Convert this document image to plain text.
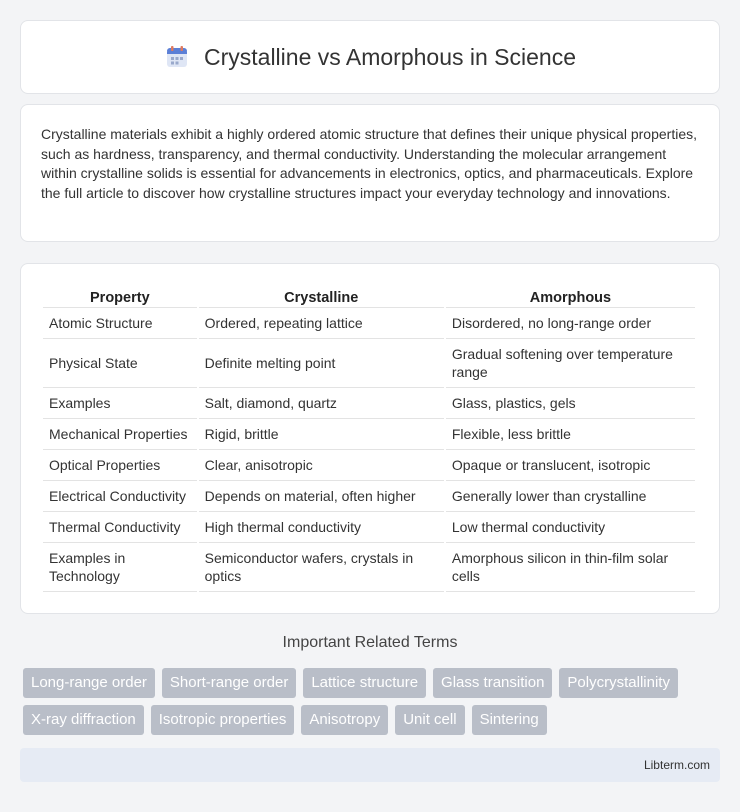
Crystalline vs Amorphous in Science

Crystalline materials exhibit a highly ordered atomic structure that defines their unique physical properties, such as hardness, transparency, and thermal conductivity. Understanding the molecular arrangement within crystalline solids is essential for advancements in electronics, optics, and pharmaceuticals. Explore the full article to discover how crystalline structures impact your everyday technology and innovations.

Property	Crystalline	Amorphous
Atomic Structure	Ordered, repeating lattice	Disordered, no long-range order
Physical State	Definite melting point	Gradual softening over temperature range
Examples	Salt, diamond, quartz	Glass, plastics, gels
Mechanical Properties	Rigid, brittle	Flexible, less brittle
Optical Properties	Clear, anisotropic	Opaque or translucent, isotropic
Electrical Conductivity	Depends on material, often higher	Generally lower than crystalline
Thermal Conductivity	High thermal conductivity	Low thermal conductivity
Examples in Technology	Semiconductor wafers, crystals in optics	Amorphous silicon in thin-film solar cells
Important Related Terms
Long-range order	Short-range order	Lattice structure	Glass transition	Polycrystallinity
X-ray diffraction	Isotropic properties	Anisotropy	Unit cell	Sintering
Libterm.com
